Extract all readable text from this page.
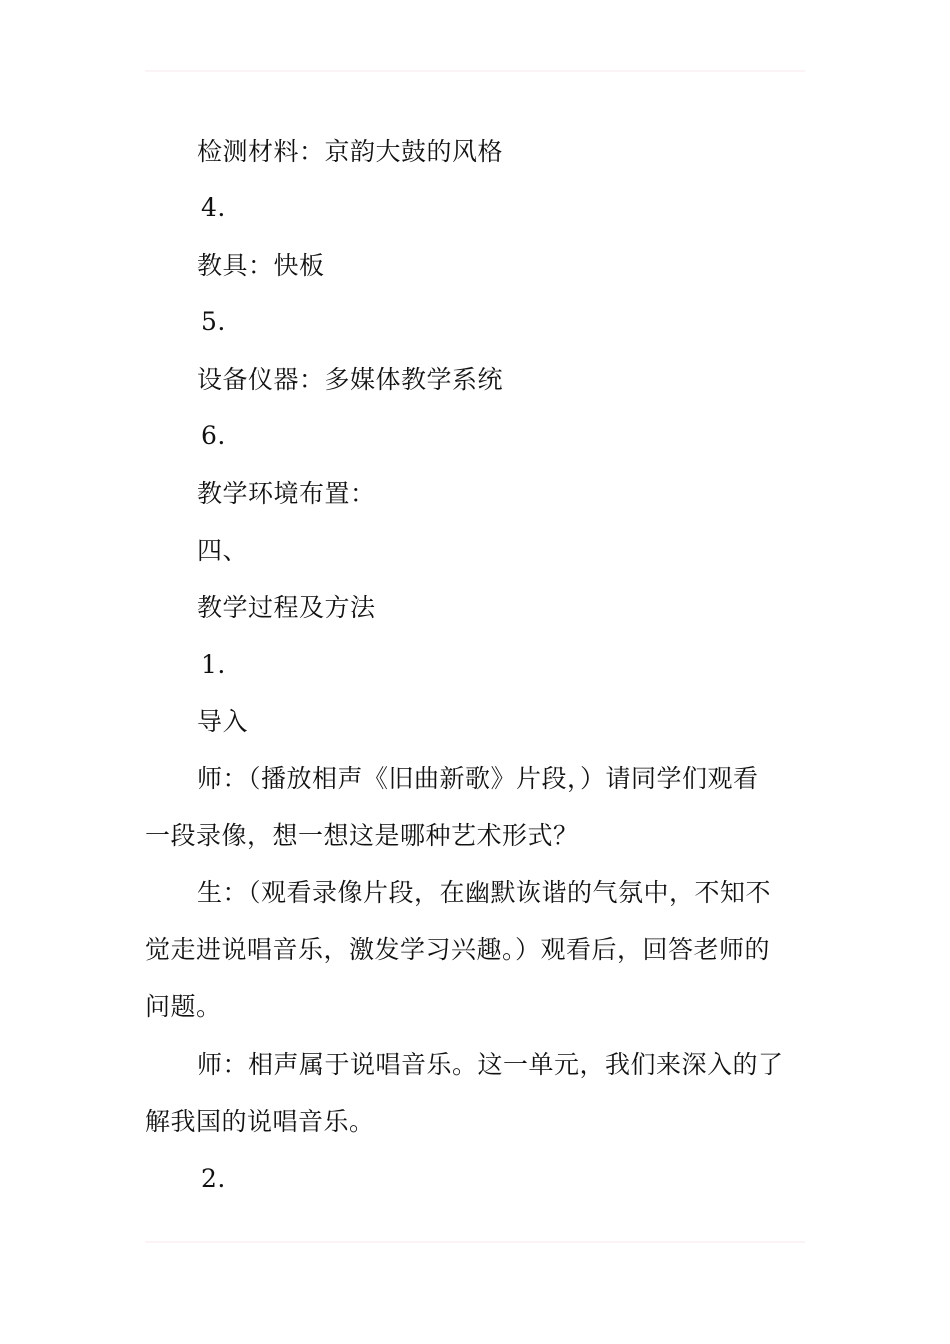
检测材料：京韵大鼓的风格
4.
教具：快板
5.
设备仪器：多媒体教学系统
6.
教学环境布置：
四、
教学过程及方法
1.
导入
师：（播放相声《旧曲新歌》片段，）请同学们观看
一段录像，想一想这是哪种艺术形式？
生：（观看录像片段，在幽默诙谐的气氛中，不知不
觉走进说唱音乐，激发学习兴趣。）观看后，回答老师的
问题。
师：相声属于说唱音乐。这一单元，我们来深入的了
解我国的说唱音乐。
2.
